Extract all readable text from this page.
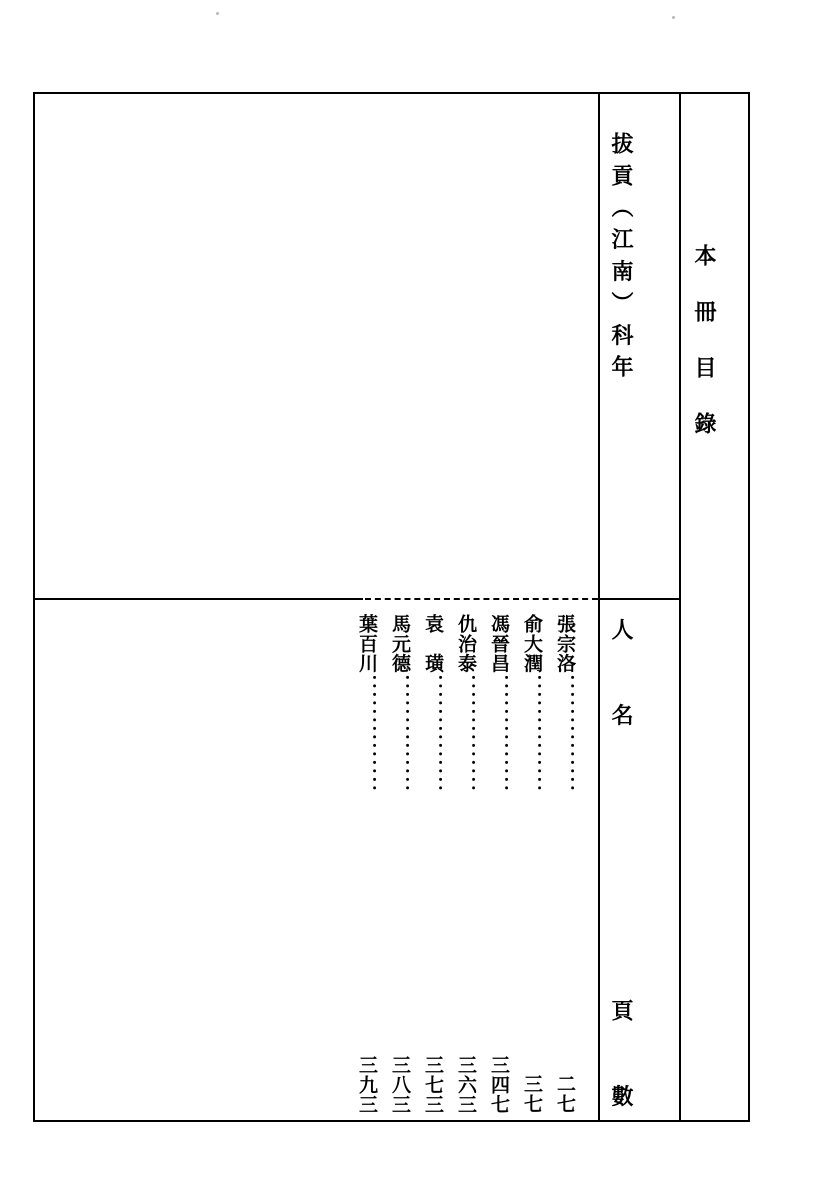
本冊目錄
拔貢（江南）科年
人　名
頁　數
張宗洛
．．．．．．．．．．．．．．
二七
俞大潤
．．．．．．．．．．．．．．
三七
馮晉昌
．．．．．．．．．．．．．．
三四七
仇治泰
．．．．．．．．．．．．．．
三六三
袁　璜
．．．．．．．．．．．．．．
三七三
馬元德
．．．．．．．．．．．．．．
三八三
葉百川
．．．．．．．．．．．．．．
三九三
